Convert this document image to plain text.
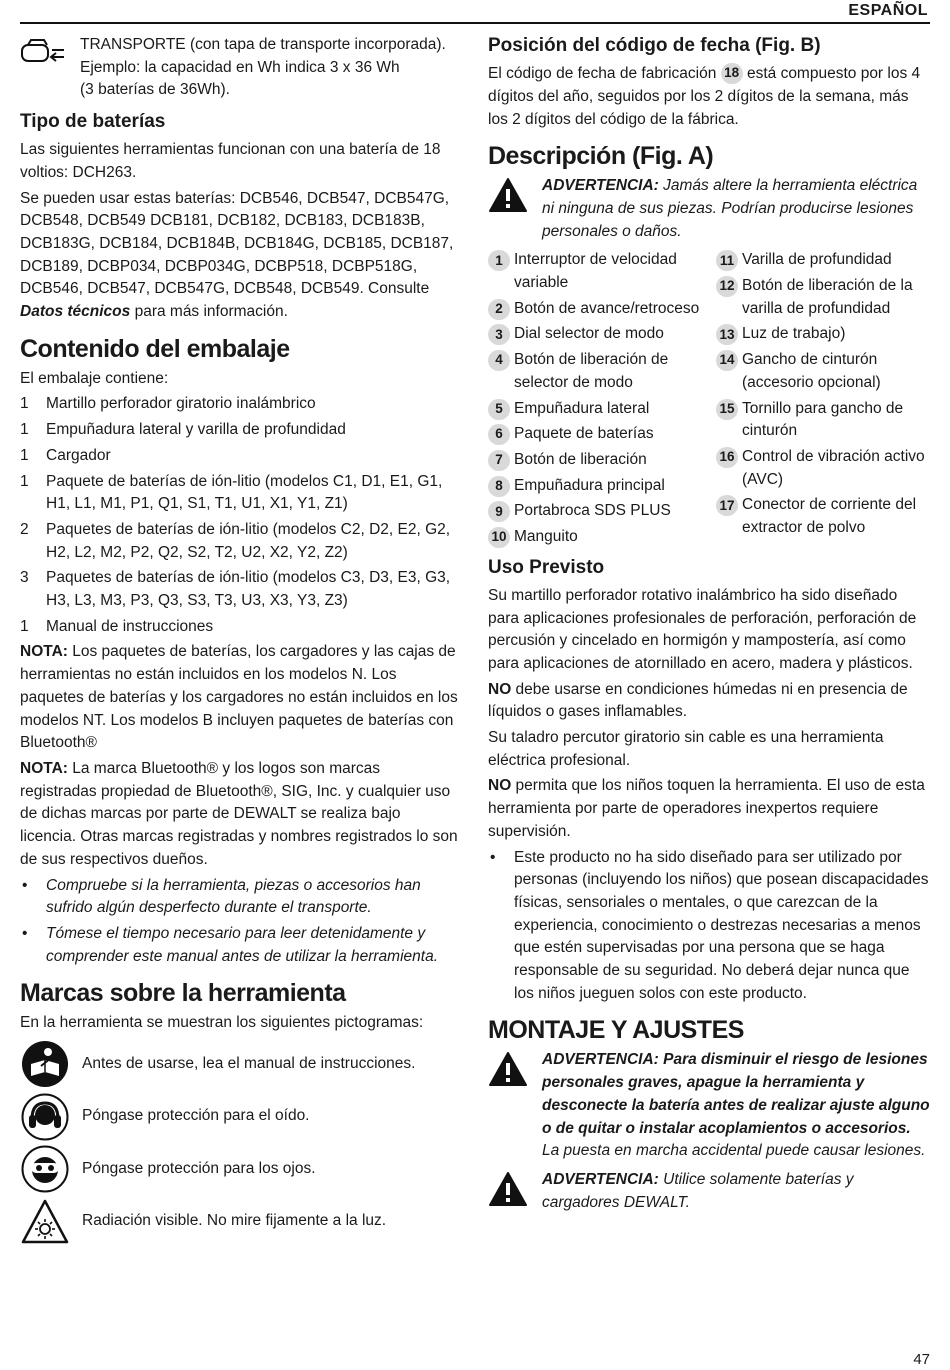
ESPAÑOL
TRANSPORTE (con tapa de transporte incorporada).
Ejemplo: la capacidad en Wh indica 3 x 36 Wh
(3 baterías de 36Wh).
Tipo de baterías

Las siguientes herramientas funcionan con una batería de 18 voltios: DCH263.

Se pueden usar estas baterías: DCB546, DCB547, DCB547G, DCB548, DCB549 DCB181, DCB182, DCB183, DCB183B, DCB183G, DCB184, DCB184B, DCB184G, DCB185, DCB187, DCB189, DCBP034, DCBP034G, DCBP518, DCBP518G, DCB546, DCB547, DCB547G, DCB548, DCB549. Consulte Datos técnicos para más información.

Contenido del embalaje

El embalaje contiene:

1	Martillo perforador giratorio inalámbrico
1	Empuñadura lateral y varilla de profundidad
1	Cargador
1	Paquete de baterías de ión-litio (modelos C1, D1, E1, G1, H1, L1, M1, P1, Q1, S1, T1, U1, X1, Y1, Z1)
2	Paquetes de baterías de ión-litio (modelos C2, D2, E2, G2, H2, L2, M2, P2, Q2, S2, T2, U2, X2, Y2, Z2)
3	Paquetes de baterías de ión-litio (modelos C3, D3, E3, G3, H3, L3, M3, P3, Q3, S3, T3, U3, X3, Y3, Z3)
1	Manual de instrucciones

NOTA: Los paquetes de baterías, los cargadores y las cajas de herramientas no están incluidos en los modelos N. Los paquetes de baterías y los cargadores no están incluidos en los modelos NT. Los modelos B incluyen paquetes de baterías con Bluetooth®

NOTA: La marca Bluetooth® y los logos son marcas registradas propiedad de Bluetooth®, SIG, Inc. y cualquier uso de dichas marcas por parte de DEWALT se realiza bajo licencia. Otras marcas registradas y nombres registrados lo son de sus respectivos dueños.

•	Compruebe si la herramienta, piezas o accesorios han sufrido algún desperfecto durante el transporte.
•	Tómese el tiempo necesario para leer detenidamente y comprender este manual antes de utilizar la herramienta.
Marcas sobre la herramienta

En la herramienta se muestran los siguientes pictogramas:

Antes de usarse, lea el manual de instrucciones.
Póngase protección para el oído.
Póngase protección para los ojos.
Radiación visible. No mire fijamente a la luz.
Posición del código de fecha (Fig. B)

El código de fecha de fabricación 18 está compuesto por los 4 dígitos del año, seguidos por los 2 dígitos de la semana, más los 2 dígitos del código de la fábrica.

Descripción (Fig. A)
ADVERTENCIA: Jamás altere la herramienta eléctrica ni ninguna de sus piezas. Podrían producirse lesiones personales o daños.
1 Interruptor de velocidad variable
2 Botón de avance/retroceso
3 Dial selector de modo
4 Botón de liberación de selector de modo
5 Empuñadura lateral
6 Paquete de baterías
7 Botón de liberación
8 Empuñadura principal
9 Portabroca SDS PLUS
10 Manguito
11 Varilla de profundidad
12 Botón de liberación de la varilla de profundidad
13 Luz de trabajo)
14 Gancho de cinturón (accesorio opcional)
15 Tornillo para gancho de cinturón
16 Control de vibración activo (AVC)
17 Conector de corriente del extractor de polvo
Uso Previsto

Su martillo perforador rotativo inalámbrico ha sido diseñado para aplicaciones profesionales de perforación, perforación de percusión y cincelado en hormigón y mampostería, así como para aplicaciones de atornillado en acero, madera y plásticos.

NO debe usarse en condiciones húmedas ni en presencia de líquidos o gases inflamables.

Su taladro percutor giratorio sin cable es una herramienta eléctrica profesional.

NO permita que los niños toquen la herramienta. El uso de esta herramienta por parte de operadores inexpertos requiere supervisión.

•	Este producto no ha sido diseñado para ser utilizado por personas (incluyendo los niños) que posean discapacidades físicas, sensoriales o mentales, o que carezcan de la experiencia, conocimiento o destrezas necesarias a menos que estén supervisadas por una persona que se haga responsable de su seguridad. No deberá dejar nunca que los niños jueguen solos con este producto.
MONTAJE Y AJUSTES
ADVERTENCIA: Para disminuir el riesgo de lesiones personales graves, apague la herramienta y desconecte la batería antes de realizar ajuste alguno o de quitar o instalar acoplamientos o accesorios. La puesta en marcha accidental puede causar lesiones.
ADVERTENCIA: Utilice solamente baterías y cargadores DEWALT.
47
